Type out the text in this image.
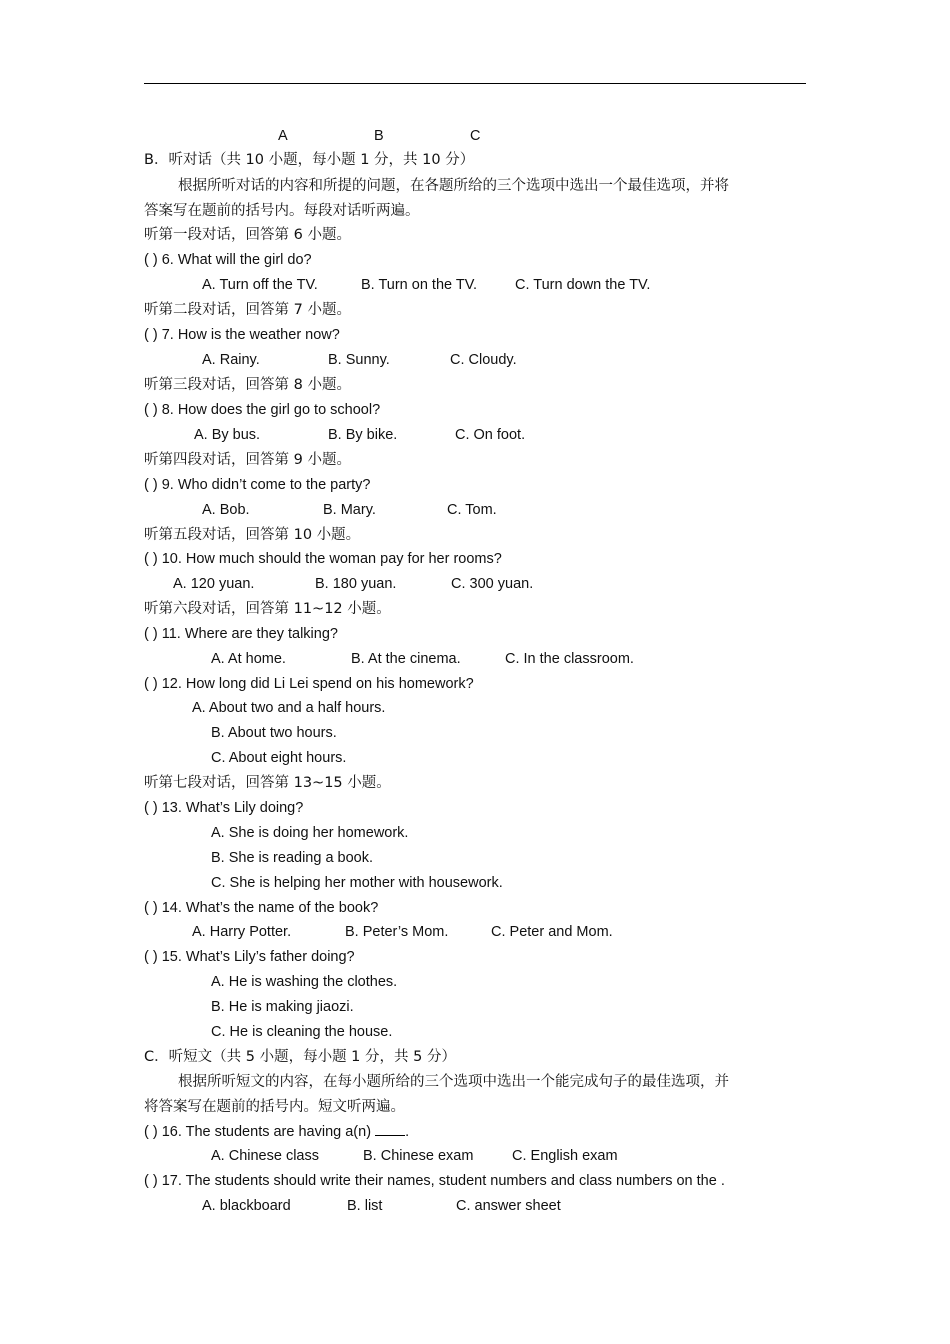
A	B	C
B．听对话（共 10 小题，每小题 1 分，共 10 分）
根据所听对话的内容和所提的问题，在各题所给的三个选项中选出一个最佳选项，并将
答案写在题前的括号内。每段对话听两遍。
听第一段对话，回答第 6 小题。
( ) 6. What will the girl do?
A. Turn off the TV.	B. Turn on the TV.	C. Turn down the TV.
听第二段对话，回答第 7 小题。
( ) 7. How is the weather now?
A. Rainy.	B. Sunny.	C. Cloudy.
听第三段对话，回答第 8 小题。
( ) 8. How does the girl go to school?
A. By bus.	B. By bike.	C. On foot.
听第四段对话，回答第 9 小题。
( ) 9. Who didn’t come to the party?
A. Bob.	B. Mary.	C. Tom.
听第五段对话，回答第 10 小题。
( ) 10. How much should the woman pay for her rooms?
A. 120 yuan.	B. 180 yuan.	C. 300 yuan.
听第六段对话，回答第 11~12 小题。
( ) 11. Where are they talking?
A. At home.	B. At the cinema.	C. In the classroom.
( ) 12. How long did Li Lei spend on his homework?
A. About two and a half hours.
B. About two hours.
C. About eight hours.
听第七段对话，回答第 13~15 小题。
( ) 13. What’s Lily doing?
A. She is doing her homework.
B. She is reading a book.
C. She is helping her mother with housework.
( ) 14. What’s the name of the book?
A. Harry Potter.	B. Peter’s Mom.	C. Peter and Mom.
( ) 15. What’s Lily’s father doing?
A. He is washing the clothes.
B. He is making jiaozi.
C. He is cleaning the house.
C．听短文（共 5 小题，每小题 1 分，共 5 分）
根据所听短文的内容，在每小题所给的三个选项中选出一个能完成句子的最佳选项，并
将答案写在题前的括号内。短文听两遍。
( ) 16. The students are having a(n) .
A. Chinese class	B. Chinese exam	C. English exam
( ) 17. The students should write their names, student numbers and class numbers on the .
A. blackboard	B. list	C. answer sheet
